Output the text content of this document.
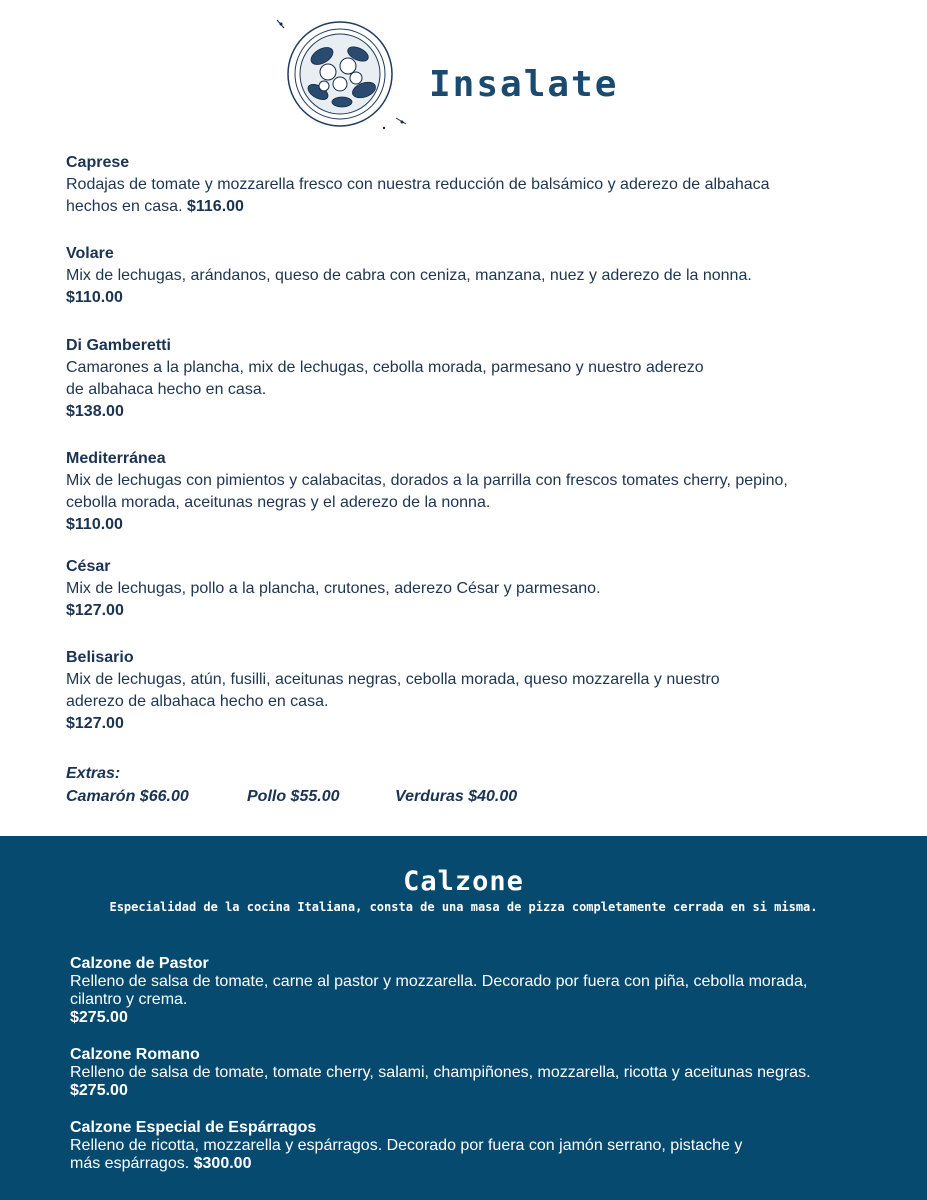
Insalate
Caprese
Rodajas de tomate y mozzarella fresco con nuestra reducción de balsámico y aderezo de albahaca
hechos en casa. $116.00
Volare
Mix de lechugas, arándanos, queso de cabra con ceniza, manzana, nuez y aderezo de la nonna.
$110.00
Di Gamberetti
Camarones a la plancha, mix de lechugas, cebolla morada, parmesano y nuestro aderezo
de albahaca hecho en casa.
$138.00
Mediterránea
Mix de lechugas con pimientos y calabacitas, dorados a la parrilla con frescos tomates cherry, pepino,
cebolla morada, aceitunas negras y el aderezo de la nonna.
$110.00
César
Mix de lechugas, pollo a la plancha, crutones, aderezo César y parmesano.
$127.00
Belisario
Mix de lechugas, atún, fusilli, aceitunas negras, cebolla morada, queso mozzarella y nuestro
aderezo de albahaca hecho en casa.
$127.00
Extras:
Camarón $66.00	Pollo $55.00	Verduras $40.00
Calzone
Especialidad de la cocina Italiana, consta de una masa de pizza completamente cerrada en si misma.
Calzone de Pastor
Relleno de salsa de tomate, carne al pastor y mozzarella. Decorado por fuera con piña, cebolla morada,
cilantro y crema.
$275.00
Calzone Romano
Relleno de salsa de tomate, tomate cherry, salami, champiñones, mozzarella, ricotta y aceitunas negras.
$275.00
Calzone Especial de Espárragos
Relleno de ricotta, mozzarella y espárragos. Decorado por fuera con jamón serrano, pistache y
más espárragos. $300.00
